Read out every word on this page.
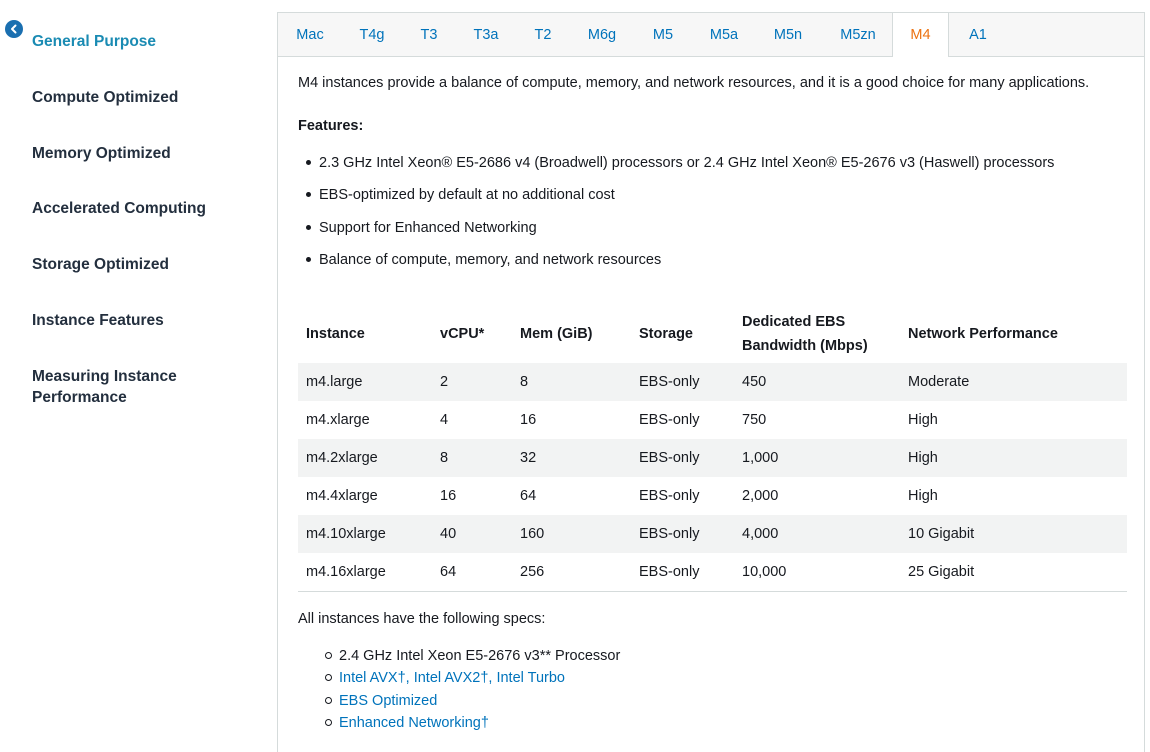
General Purpose
Compute Optimized
Memory Optimized
Accelerated Computing
Storage Optimized
Instance Features
Measuring Instance Performance
Mac	T4g	T3	T3a	T2	M6g	M5	M5a	M5n	M5zn	M4	A1
M4 instances provide a balance of compute, memory, and network resources, and it is a good choice for many applications.
Features:
2.3 GHz Intel Xeon® E5-2686 v4 (Broadwell) processors or 2.4 GHz Intel Xeon® E5-2676 v3 (Haswell) processors
EBS-optimized by default at no additional cost
Support for Enhanced Networking
Balance of compute, memory, and network resources
Instance	vCPU*	Mem (GiB)	Storage	Dedicated EBS Bandwidth (Mbps)	Network Performance
m4.large	2	8	EBS-only	450	Moderate
m4.xlarge	4	16	EBS-only	750	High
m4.2xlarge	8	32	EBS-only	1,000	High
m4.4xlarge	16	64	EBS-only	2,000	High
m4.10xlarge	40	160	EBS-only	4,000	10 Gigabit
m4.16xlarge	64	256	EBS-only	10,000	25 Gigabit
All instances have the following specs:
2.4 GHz Intel Xeon E5-2676 v3** Processor
Intel AVX†, Intel AVX2†, Intel Turbo
EBS Optimized
Enhanced Networking†
